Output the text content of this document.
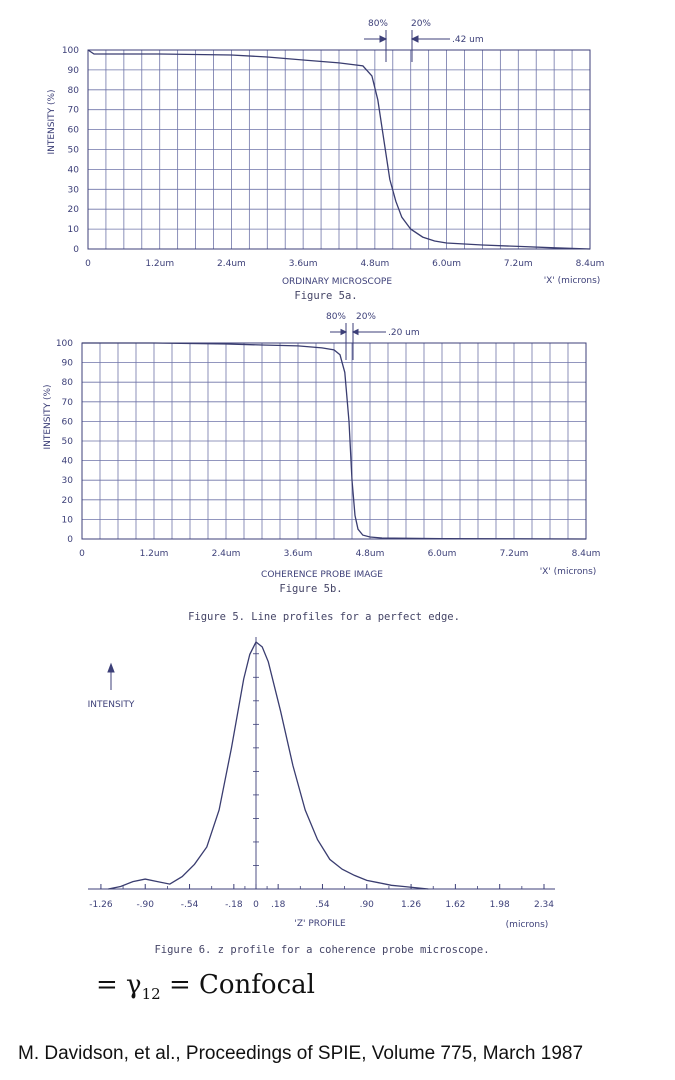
0
10
20
30
40
50
60
70
80
90
100
0	1.2um	2.4um	3.6um	4.8um	6.0um	7.2um	8.4um
INTENSITY (%)
ORDINARY MICROSCOPE
Figure 5a.
'X' (microns)
80%	20%
.42 um
0
10
20
30
40
50
60
70
80
90
100
0	1.2um	2.4um	3.6um	4.8um	6.0um	7.2um	8.4um
INTENSITY (%)
COHERENCE PROBE IMAGE
Figure 5b.
'X' (microns)
80% 20%
.20 um
Figure 5. Line profiles for a perfect edge.
-1.26	-.90	-.54	-.18 0 .18	.54	.90	1.26	1.62	1.98	2.34
INTENSITY
'Z' PROFILE	(microns)
Figure 6. z profile for a coherence probe microscope.
= $\gamma_{12}$ = Confocal
M. Davidson, et al., Proceedings of SPIE, Volume 775, March 1987
